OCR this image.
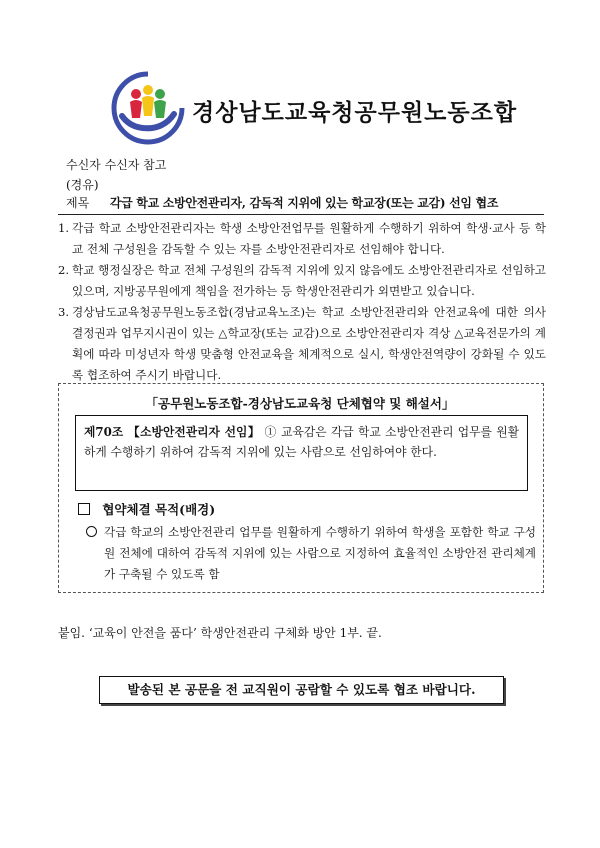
경상남도교육청공무원노동조합
수신자 수신자 참고
(경유)
제목 각급 학교 소방안전관리자, 감독적 지위에 있는 학교장(또는 교감) 선임 협조
1. 각급 학교 소방안전관리자는 학생 소방안전업무를 원활하게 수행하기 위하여 학생·교사 등 학교 전체 구성원을 감독할 수 있는 자를 소방안전관리자로 선임해야 합니다.
2. 학교 행정실장은 학교 전체 구성원의 감독적 지위에 있지 않음에도 소방안전관리자로 선임하고 있으며, 지방공무원에게 책임을 전가하는 등 학생안전관리가 외면받고 있습니다.
3. 경상남도교육청공무원노동조합(경남교육노조)는 학교 소방안전관리와 안전교육에 대한 의사결정권과 업무지시권이 있는 △학교장(또는 교감)으로 소방안전관리자 격상 △교육전문가의 계획에 따라 미성년자 학생 맞춤형 안전교육을 체계적으로 실시, 학생안전역량이 강화될 수 있도록 협조하여 주시기 바랍니다.
「공무원노동조합-경상남도교육청 단체협약 및 해설서」
제70조 【소방안전관리자 선임】 ① 교육감은 각급 학교 소방안전관리 업무를 원활하게 수행하기 위하여 감독적 지위에 있는 사람으로 선임하여야 한다.
협약체결 목적(배경)
각급 학교의 소방안전관리 업무를 원활하게 수행하기 위하여 학생을 포함한 학교 구성원 전체에 대하여 감독적 지위에 있는 사람으로 지정하여 효율적인 소방안전 관리체계가 구축될 수 있도록 함
붙임. ‘교육이 안전을 품다’ 학생안전관리 구체화 방안 1부. 끝.
발송된 본 공문을 전 교직원이 공람할 수 있도록 협조 바랍니다.
